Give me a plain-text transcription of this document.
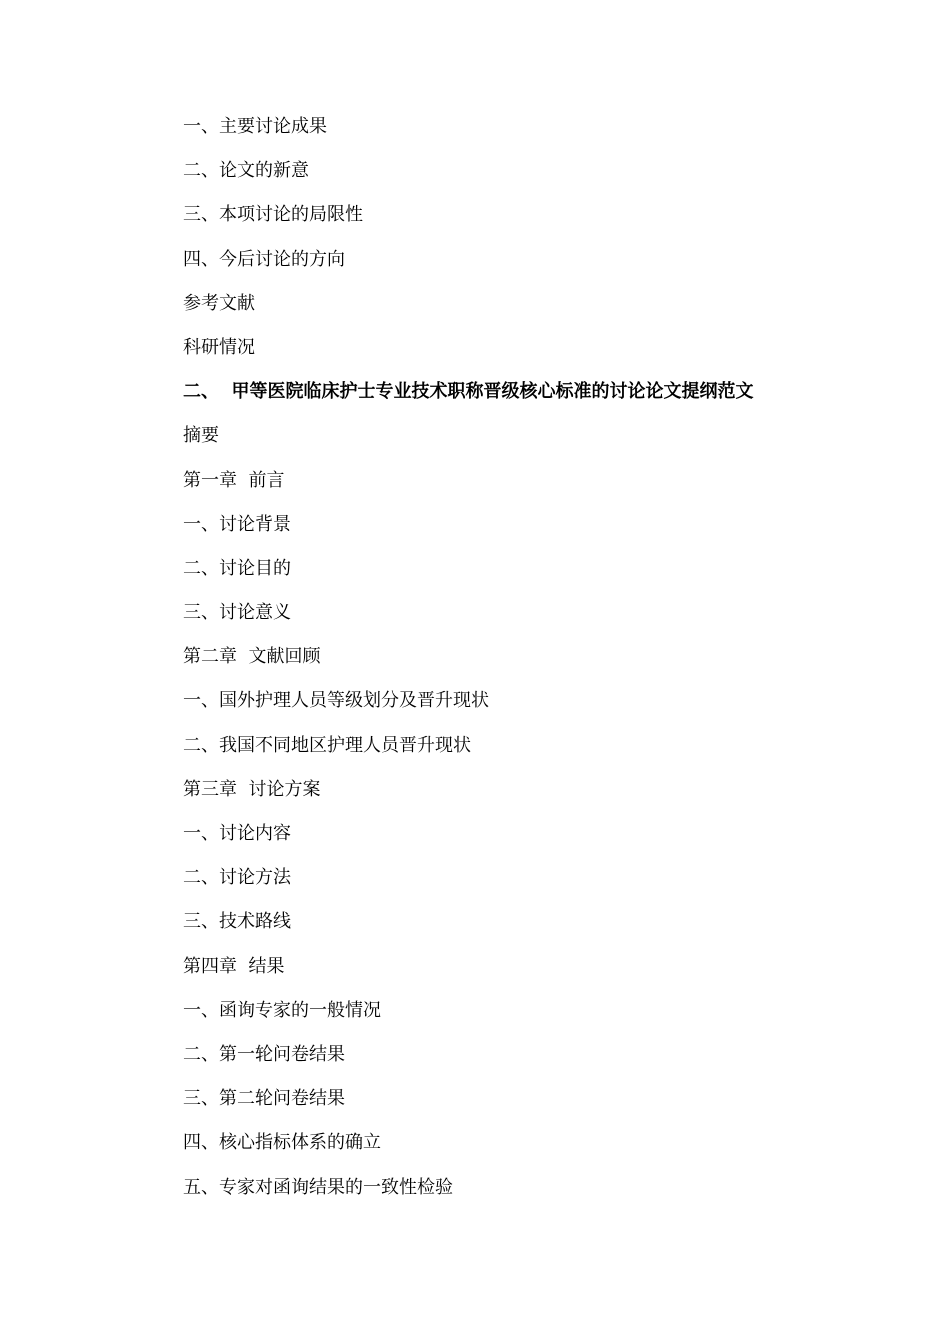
一、主要讨论成果
二、论文的新意
三、本项讨论的局限性
四、今后讨论的方向
参考文献
科研情况
二、  甲等医院临床护士专业技术职称晋级核心标准的讨论论文提纲范文
摘要
第一章  前言
一、讨论背景
二、讨论目的
三、讨论意义
第二章  文献回顾
一、国外护理人员等级划分及晋升现状
二、我国不同地区护理人员晋升现状
第三章  讨论方案
一、讨论内容
二、讨论方法
三、技术路线
第四章  结果
一、函询专家的一般情况
二、第一轮问卷结果
三、第二轮问卷结果
四、核心指标体系的确立
五、专家对函询结果的一致性检验
